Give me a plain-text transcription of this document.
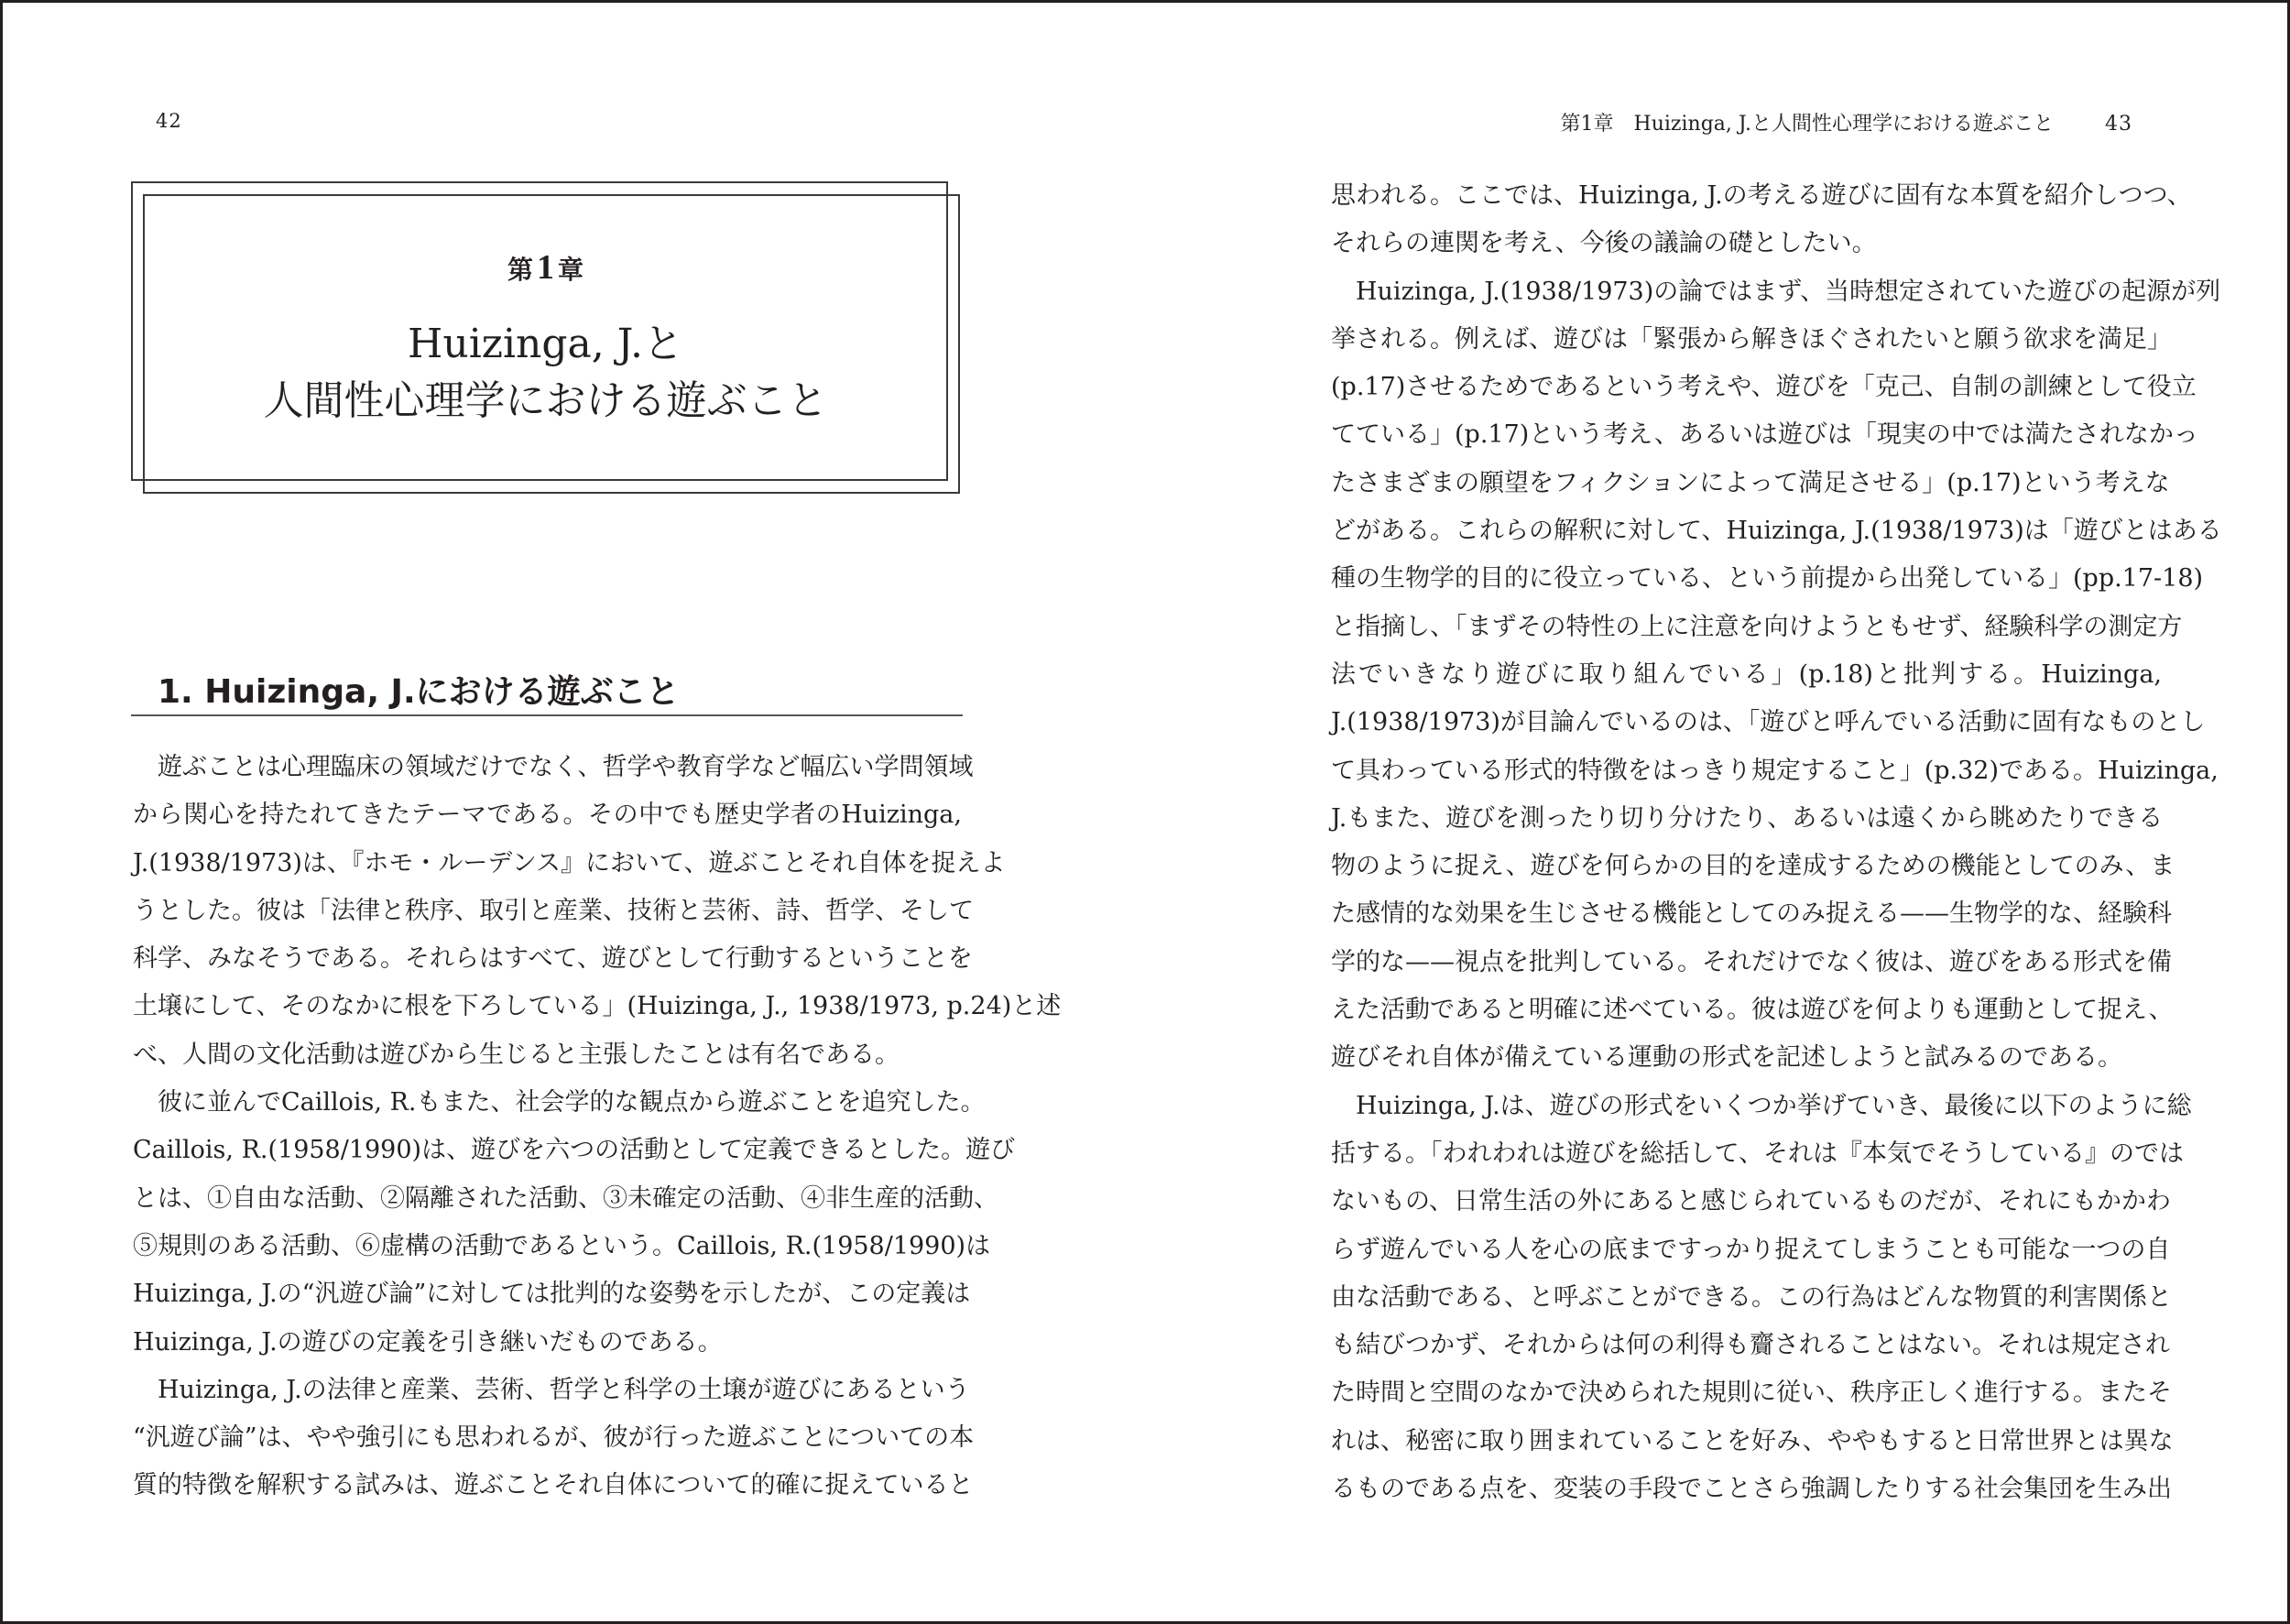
42
第 1 章
Huizinga, J.と
人間性心理学における遊ぶこと
1. Huizinga, J.における遊ぶこと
遊ぶことは心理臨床の領域だけでなく、哲学や教育学など幅広い学問領域
から関心を持たれてきたテーマである。その中でも歴史学者のHuizinga,
J.(1938/1973)は、『ホモ・ルーデンス』において、遊ぶことそれ自体を捉えよ
うとした。彼は「法律と秩序、取引と産業、技術と芸術、詩、哲学、そして
科学、みなそうである。それらはすべて、遊びとして行動するということを
土壌にして、そのなかに根を下ろしている」(Huizinga, J., 1938/1973, p.24)と述
べ、人間の文化活動は遊びから生じると主張したことは有名である。
彼に並んでCaillois, R.もまた、社会学的な観点から遊ぶことを追究した。
Caillois, R.(1958/1990)は、遊びを六つの活動として定義できるとした。遊び
とは、①自由な活動、②隔離された活動、③未確定の活動、④非生産的活動、
⑤規則のある活動、⑥虚構の活動であるという。Caillois, R.(1958/1990)は
Huizinga, J.の“汎遊び論”に対しては批判的な姿勢を示したが、この定義は
Huizinga, J.の遊びの定義を引き継いだものである。
Huizinga, J.の法律と産業、芸術、哲学と科学の土壌が遊びにあるという
“汎遊び論”は、やや強引にも思われるが、彼が行った遊ぶことについての本
質的特徴を解釈する試みは、遊ぶことそれ自体について的確に捉えていると
第1章　Huizinga, J.と人間性心理学における遊ぶこと	43
思われる。ここでは、Huizinga, J.の考える遊びに固有な本質を紹介しつつ、
それらの連関を考え、今後の議論の礎としたい。
Huizinga, J.(1938/1973)の論ではまず、当時想定されていた遊びの起源が列
挙される。例えば、遊びは「緊張から解きほぐされたいと願う欲求を満足」
(p.17)させるためであるという考えや、遊びを「克己、自制の訓練として役立
てている」(p.17)という考え、あるいは遊びは「現実の中では満たされなかっ
たさまざまの願望をフィクションによって満足させる」(p.17)という考えな
どがある。これらの解釈に対して、Huizinga, J.(1938/1973)は「遊びとはある
種の生物学的目的に役立っている、という前提から出発している」(pp.17-18)
と指摘し、「まずその特性の上に注意を向けようともせず、経験科学の測定方
法でいきなり遊びに取り組んでいる」(p.18)と批判する。Huizinga,
J.(1938/1973)が目論んでいるのは、「遊びと呼んでいる活動に固有なものとし
て具わっている形式的特徴をはっきり規定すること」(p.32)である。Huizinga,
J.もまた、遊びを測ったり切り分けたり、あるいは遠くから眺めたりできる
物のように捉え、遊びを何らかの目的を達成するための機能としてのみ、ま
た感情的な効果を生じさせる機能としてのみ捉える——生物学的な、経験科
学的な——視点を批判している。それだけでなく彼は、遊びをある形式を備
えた活動であると明確に述べている。彼は遊びを何よりも運動として捉え、
遊びそれ自体が備えている運動の形式を記述しようと試みるのである。
Huizinga, J.は、遊びの形式をいくつか挙げていき、最後に以下のように総
括する。「われわれは遊びを総括して、それは『本気でそうしている』のでは
ないもの、日常生活の外にあると感じられているものだが、それにもかかわ
らず遊んでいる人を心の底まですっかり捉えてしまうことも可能な一つの自
由な活動である、と呼ぶことができる。この行為はどんな物質的利害関係と
も結びつかず、それからは何の利得も齎されることはない。それは規定され
た時間と空間のなかで決められた規則に従い、秩序正しく進行する。またそ
れは、秘密に取り囲まれていることを好み、ややもすると日常世界とは異な
るものである点を、変装の手段でことさら強調したりする社会集団を生み出
